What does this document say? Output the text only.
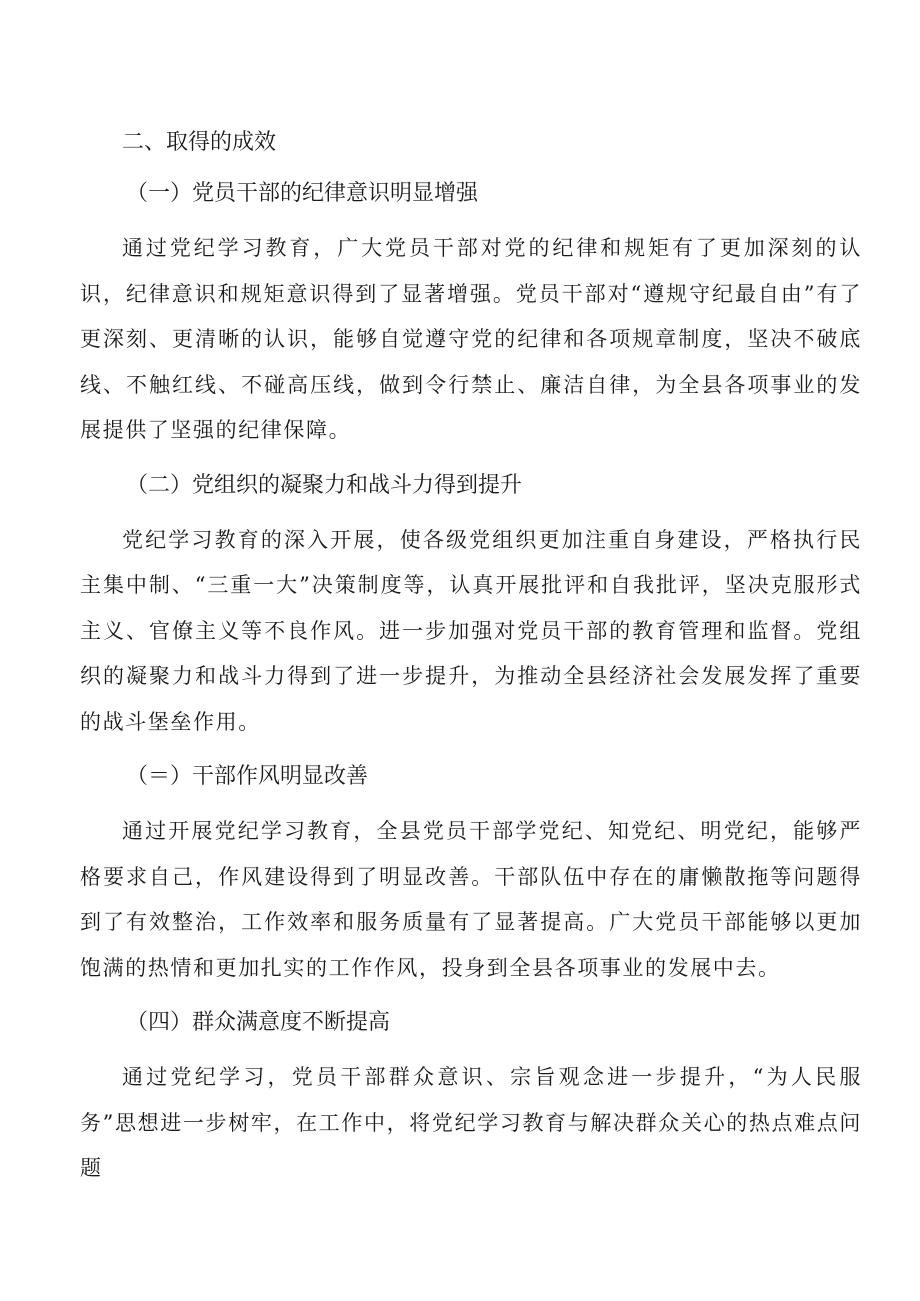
二、取得的成效
（一）党员干部的纪律意识明显增强

通过党纪学习教育，广大党员干部对党的纪律和规矩有了更加深刻的认识，纪律意识和规矩意识得到了显著增强。党员干部对“遵规守纪最自由”有了更深刻、更清晰的认识，能够自觉遵守党的纪律和各项规章制度，坚决不破底线、不触红线、不碰高压线，做到令行禁止、廉洁自律，为全县各项事业的发展提供了坚强的纪律保障。

（二）党组织的凝聚力和战斗力得到提升

党纪学习教育的深入开展，使各级党组织更加注重自身建设，严格执行民主集中制、“三重一大”决策制度等，认真开展批评和自我批评，坚决克服形式主义、官僚主义等不良作风。进一步加强对党员干部的教育管理和监督。党组织的凝聚力和战斗力得到了进一步提升，为推动全县经济社会发展发挥了重要的战斗堡垒作用。

（＝）干部作风明显改善

通过开展党纪学习教育，全县党员干部学党纪、知党纪、明党纪，能够严格要求自己，作风建设得到了明显改善。干部队伍中存在的庸懒散拖等问题得到了有效整治，工作效率和服务质量有了显著提高。广大党员干部能够以更加饱满的热情和更加扎实的工作作风，投身到全县各项事业的发展中去。

（四）群众满意度不断提高

通过党纪学习，党员干部群众意识、宗旨观念进一步提升，“为人民服务”思想进一步树牢，在工作中，将党纪学习教育与解决群众关心的热点难点问题
